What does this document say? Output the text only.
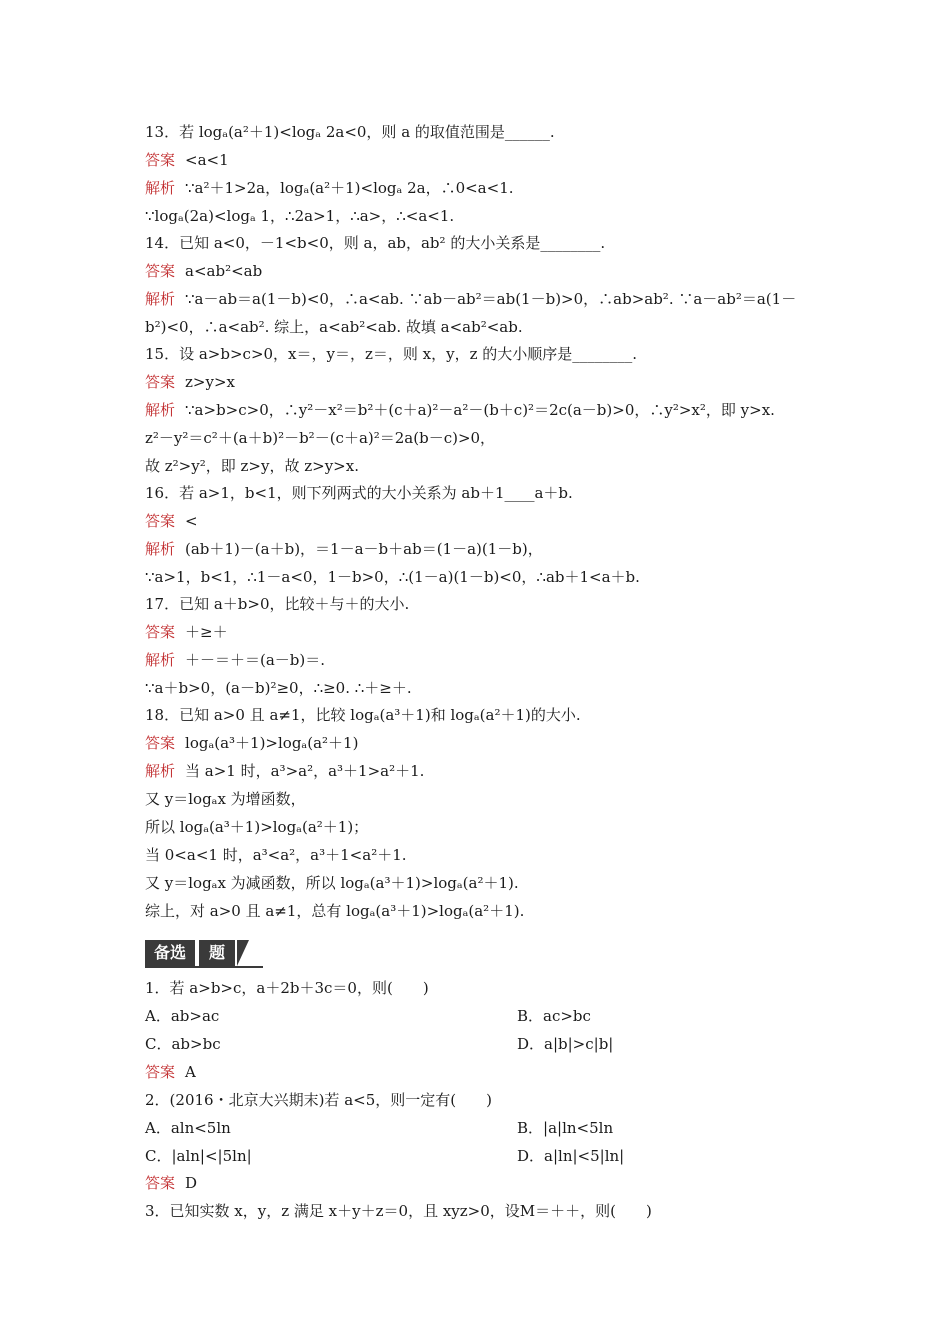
13．若 logₐ(a²＋1)<logₐ 2a<0，则 a 的取值范围是______.
答案 <a<1
解析 ∵a²＋1>2a，logₐ(a²＋1)<logₐ 2a，∴0<a<1.
∵logₐ(2a)<logₐ 1，∴2a>1，∴a>，∴<a<1.
14．已知 a<0，－1<b<0，则 a，ab，ab² 的大小关系是________.
答案 a<ab²<ab
解析 ∵a－ab＝a(1－b)<0，∴a<ab. ∵ab－ab²＝ab(1－b)>0，∴ab>ab². ∵a－ab²＝a(1－
b²)<0，∴a<ab². 综上，a<ab²<ab. 故填 a<ab²<ab.
15．设 a>b>c>0，x＝，y＝，z＝，则 x，y，z 的大小顺序是________.
答案 z>y>x
解析 ∵a>b>c>0，∴y²－x²＝b²＋(c＋a)²－a²－(b＋c)²＝2c(a－b)>0，∴y²>x²，即 y>x.
z²－y²＝c²＋(a＋b)²－b²－(c＋a)²＝2a(b－c)>0，
故 z²>y²，即 z>y，故 z>y>x.
16．若 a>1，b<1，则下列两式的大小关系为 ab＋1____a＋b.
答案 <
解析 (ab＋1)－(a＋b)，＝1－a－b＋ab＝(1－a)(1－b)，
∵a>1，b<1，∴1－a<0，1－b>0，∴(1－a)(1－b)<0，∴ab＋1<a＋b.
17．已知 a＋b>0，比较＋与＋的大小.
答案 ＋≥＋
解析 ＋－＝＋＝(a－b)＝.
∵a＋b>0，(a－b)²≥0，∴≥0. ∴＋≥＋.
18．已知 a>0 且 a≠1，比较 logₐ(a³＋1)和 logₐ(a²＋1)的大小.
答案 logₐ(a³＋1)>logₐ(a²＋1)
解析 当 a>1 时，a³>a²，a³＋1>a²＋1.
又 y＝logₐx 为增函数，
所以 logₐ(a³＋1)>logₐ(a²＋1)；
当 0<a<1 时，a³<a²，a³＋1<a²＋1.
又 y＝logₐx 为减函数，所以 logₐ(a³＋1)>logₐ(a²＋1).
综上，对 a>0 且 a≠1，总有 logₐ(a³＋1)>logₐ(a²＋1).
备选	题
1．若 a>b>c，a＋2b＋3c＝0，则(　　)
A．ab>ac	B．ac>bc
C．ab>bc	D．a|b|>c|b|
答案 A
2．(2016・北京大兴期末)若 a<5，则一定有(　　)
A．aln<5ln	B．|a|ln<5ln
C．|aln|<|5ln|	D．a|ln|<5|ln|
答案 D
3．已知实数 x，y，z 满足 x＋y＋z＝0，且 xyz>0，设M＝＋＋，则(　　)
